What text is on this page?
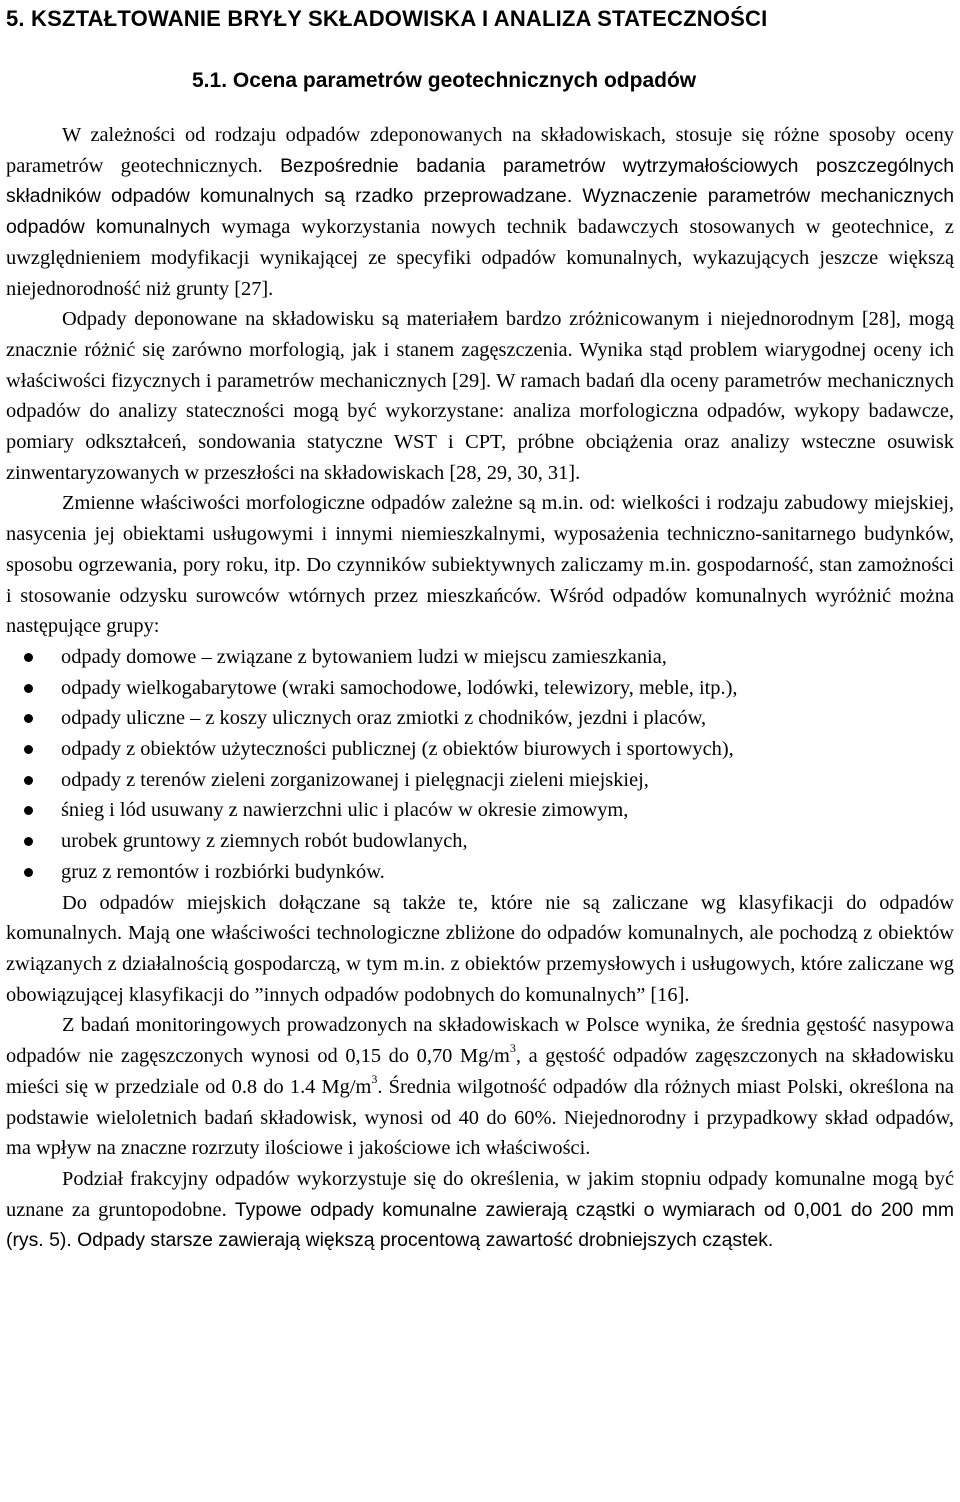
5. KSZTAŁTOWANIE BRYŁY SKŁADOWISKA I ANALIZA STATECZNOŚCI
5.1. Ocena parametrów geotechnicznych odpadów

W zależności od rodzaju odpadów zdeponowanych na składowiskach, stosuje się różne sposoby oceny parametrów geotechnicznych. Bezpośrednie badania parametrów wytrzymałościowych poszczególnych składników odpadów komunalnych są rzadko przeprowadzane. Wyznaczenie parametrów mechanicznych odpadów komunalnych wymaga wykorzystania nowych technik badawczych stosowanych w geotechnice, z uwzględnieniem modyfikacji wynikającej ze specyfiki odpadów komunalnych, wykazujących jeszcze większą niejednorodność niż grunty [27].

Odpady deponowane na składowisku są materiałem bardzo zróżnicowanym i niejednorodnym [28], mogą znacznie różnić się zarówno morfologią, jak i stanem zagęszczenia. Wynika stąd problem wiarygodnej oceny ich właściwości fizycznych i parametrów mechanicznych [29]. W ramach badań dla oceny parametrów mechanicznych odpadów do analizy stateczności mogą być wykorzystane: analiza morfologiczna odpadów, wykopy badawcze, pomiary odkształceń, sondowania statyczne WST i CPT, próbne obciążenia oraz analizy wsteczne osuwisk zinwentaryzowanych w przeszłości na składowiskach [28, 29, 30, 31].

Zmienne właściwości morfologiczne odpadów zależne są m.in. od: wielkości i rodzaju zabudowy miejskiej, nasycenia jej obiektami usługowymi i innymi niemieszkalnymi, wyposażenia techniczno-sanitarnego budynków, sposobu ogrzewania, pory roku, itp. Do czynników subiektywnych zaliczamy m.in. gospodarność, stan zamożności i stosowanie odzysku surowców wtórnych przez mieszkańców. Wśród odpadów komunalnych wyróżnić można następujące grupy:

odpady domowe – związane z bytowaniem ludzi w miejscu zamieszkania,
odpady wielkogabarytowe (wraki samochodowe, lodówki, telewizory, meble, itp.),
odpady uliczne – z koszy ulicznych oraz zmiotki z chodników, jezdni i placów,
odpady z obiektów użyteczności publicznej (z obiektów biurowych i sportowych),
odpady z terenów zieleni zorganizowanej i pielęgnacji zieleni miejskiej,
śnieg i lód usuwany z nawierzchni ulic i placów w okresie zimowym,
urobek gruntowy z ziemnych robót budowlanych,
gruz z remontów i rozbiórki budynków.

Do odpadów miejskich dołączane są także te, które nie są zaliczane wg klasyfikacji do odpadów komunalnych. Mają one właściwości technologiczne zbliżone do odpadów komunalnych, ale pochodzą z obiektów związanych z działalnością gospodarczą, w tym m.in. z obiektów przemysłowych i usługowych, które zaliczane wg obowiązującej klasyfikacji do ”innych odpadów podobnych do komunalnych” [16].

Z badań monitoringowych prowadzonych na składowiskach w Polsce wynika, że średnia gęstość nasypowa odpadów nie zagęszczonych wynosi od 0,15 do 0,70 $Mg/m^3$, a gęstość odpadów zagęszczonych na składowisku mieści się w przedziale od 0.8 do 1.4 $Mg/m^3$. Średnia wilgotność odpadów dla różnych miast Polski, określona na podstawie wieloletnich badań składowisk, wynosi od 40 do 60%. Niejednorodny i przypadkowy skład odpadów, ma wpływ na znaczne rozrzuty ilościowe i jakościowe ich właściwości.

Podział frakcyjny odpadów wykorzystuje się do określenia, w jakim stopniu odpady komunalne mogą być uznane za gruntopodobne. Typowe odpady komunalne zawierają cząstki o wymiarach od 0,001 do 200 mm (rys. 5). Odpady starsze zawierają większą procentową zawartość drobniejszych cząstek.
